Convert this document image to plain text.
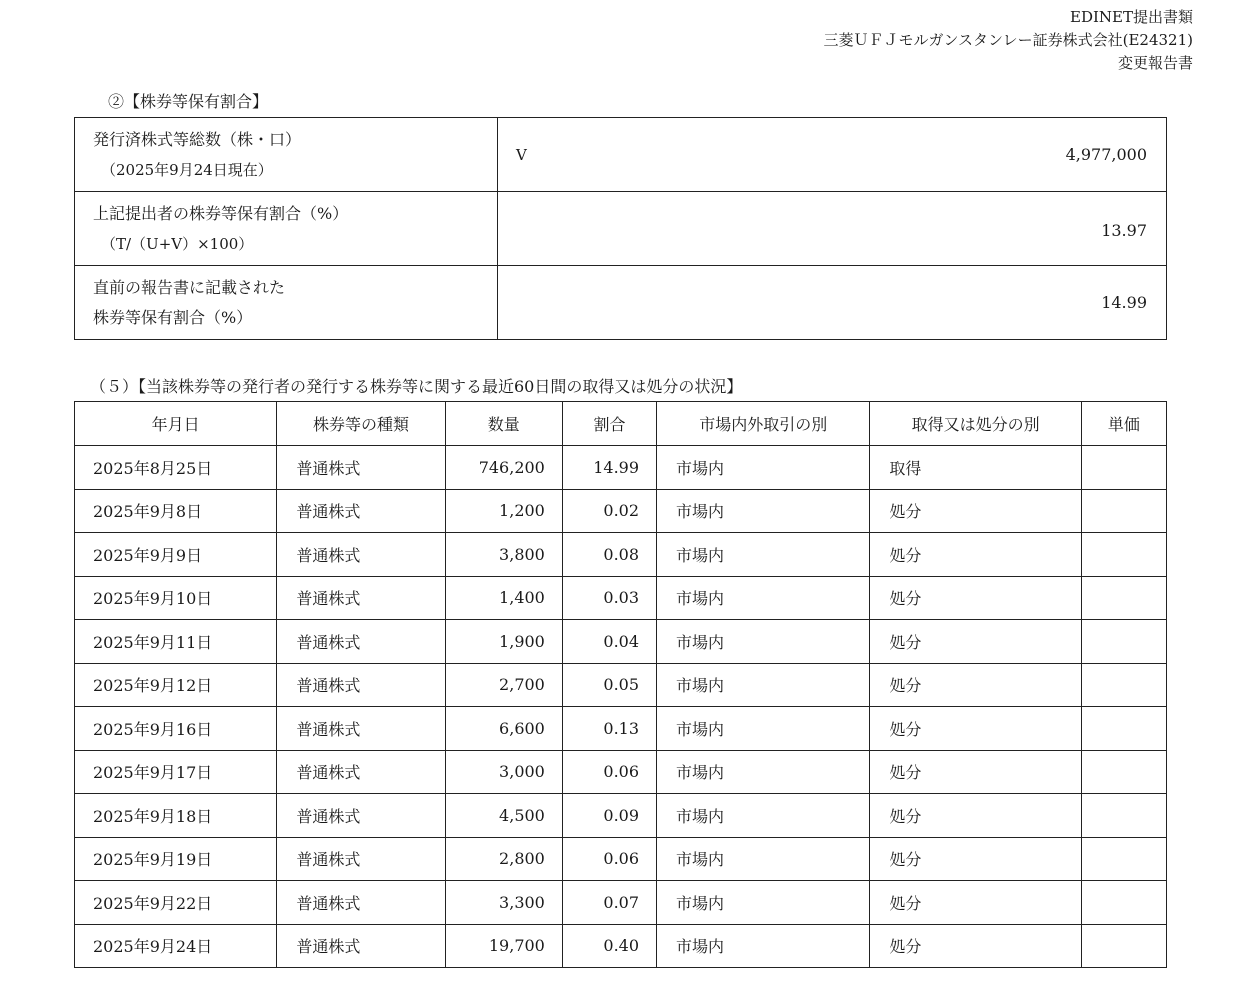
EDINET提出書類
三菱ＵＦＪモルガンスタンレー証券株式会社(E24321)
変更報告書
②【株券等保有割合】
発行済株式等総数（株・口）
（2025年9月24日現在）	V 4,977,000

上記提出者の株券等保有割合（%）
（T/（U+V）×100）	13.97

直前の報告書に記載された
株券等保有割合（%）	14.99
（５）【当該株券等の発行者の発行する株券等に関する最近60日間の取得又は処分の状況】
年月日	株券等の種類	数量	割合	市場内外取引の別	取得又は処分の別	単価
2025年8月25日	普通株式	746,200	14.99	市場内	取得	
2025年9月8日	普通株式	1,200	0.02	市場内	処分	
2025年9月9日	普通株式	3,800	0.08	市場内	処分	
2025年9月10日	普通株式	1,400	0.03	市場内	処分	
2025年9月11日	普通株式	1,900	0.04	市場内	処分	
2025年9月12日	普通株式	2,700	0.05	市場内	処分	
2025年9月16日	普通株式	6,600	0.13	市場内	処分	
2025年9月17日	普通株式	3,000	0.06	市場内	処分	
2025年9月18日	普通株式	4,500	0.09	市場内	処分	
2025年9月19日	普通株式	2,800	0.06	市場内	処分	
2025年9月22日	普通株式	3,300	0.07	市場内	処分	
2025年9月24日	普通株式	19,700	0.40	市場内	処分	
